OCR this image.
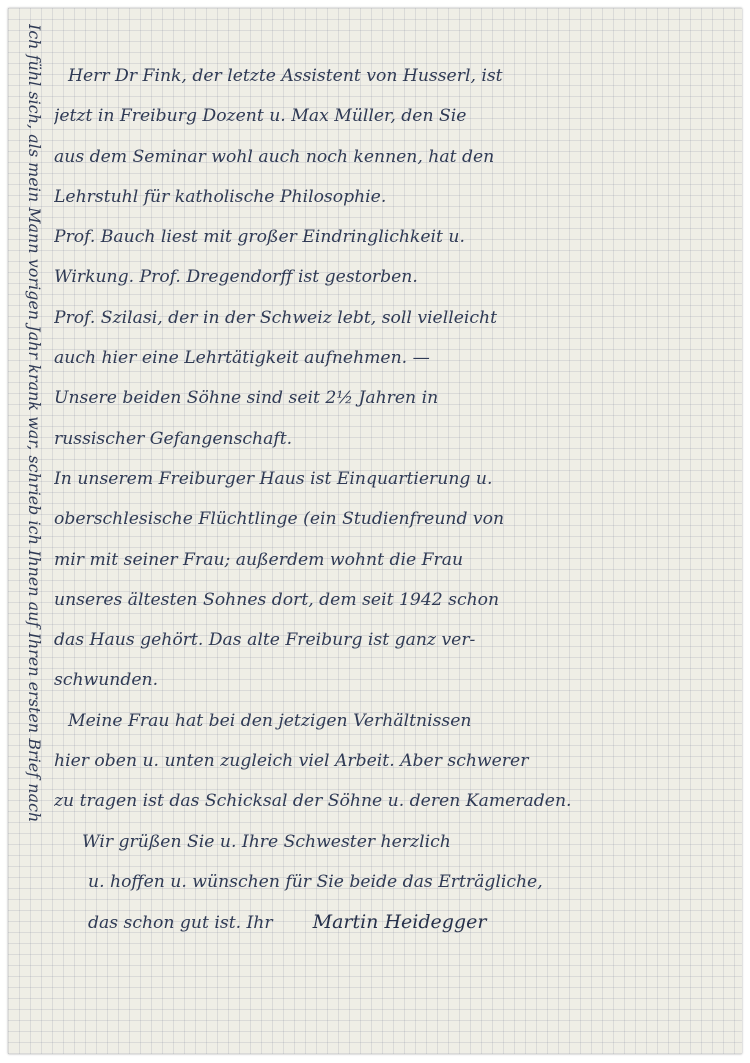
Ich fühl sich, als mein Mann vorigen Jahr krank war, schrieb ich Ihnen auf Ihren ersten Brief nach	Herr Dr Fink, der letzte Assistent von Husserl, ist
jetzt in Freiburg Dozent u. Max Müller, den Sie
aus dem Seminar wohl auch noch kennen, hat den
Lehrstuhl für katholische Philosophie.
Prof. Bauch liest mit großer Eindringlichkeit u.
Wirkung. Prof. Dregendorff ist gestorben.
Prof. Szilasi, der in der Schweiz lebt, soll vielleicht
auch hier eine Lehrtätigkeit aufnehmen. —
Unsere beiden Söhne sind seit 2½ Jahren in
russischer Gefangenschaft.
In unserem Freiburger Haus ist Einquartierung u.
oberschlesische Flüchtlinge (ein Studienfreund von
mir mit seiner Frau; außerdem wohnt die Frau
unseres ältesten Sohnes dort, dem seit 1942 schon
das Haus gehört. Das alte Freiburg ist ganz ver-
schwunden.
Meine Frau hat bei den jetzigen Verhältnissen
hier oben u. unten zugleich viel Arbeit. Aber schwerer
zu tragen ist das Schicksal der Söhne u. deren Kameraden.
Wir grüßen Sie u. Ihre Schwester herzlich
u. hoffen u. wünschen für Sie beide das Erträgliche,
das schon gut ist. Ihr Martin Heidegger
